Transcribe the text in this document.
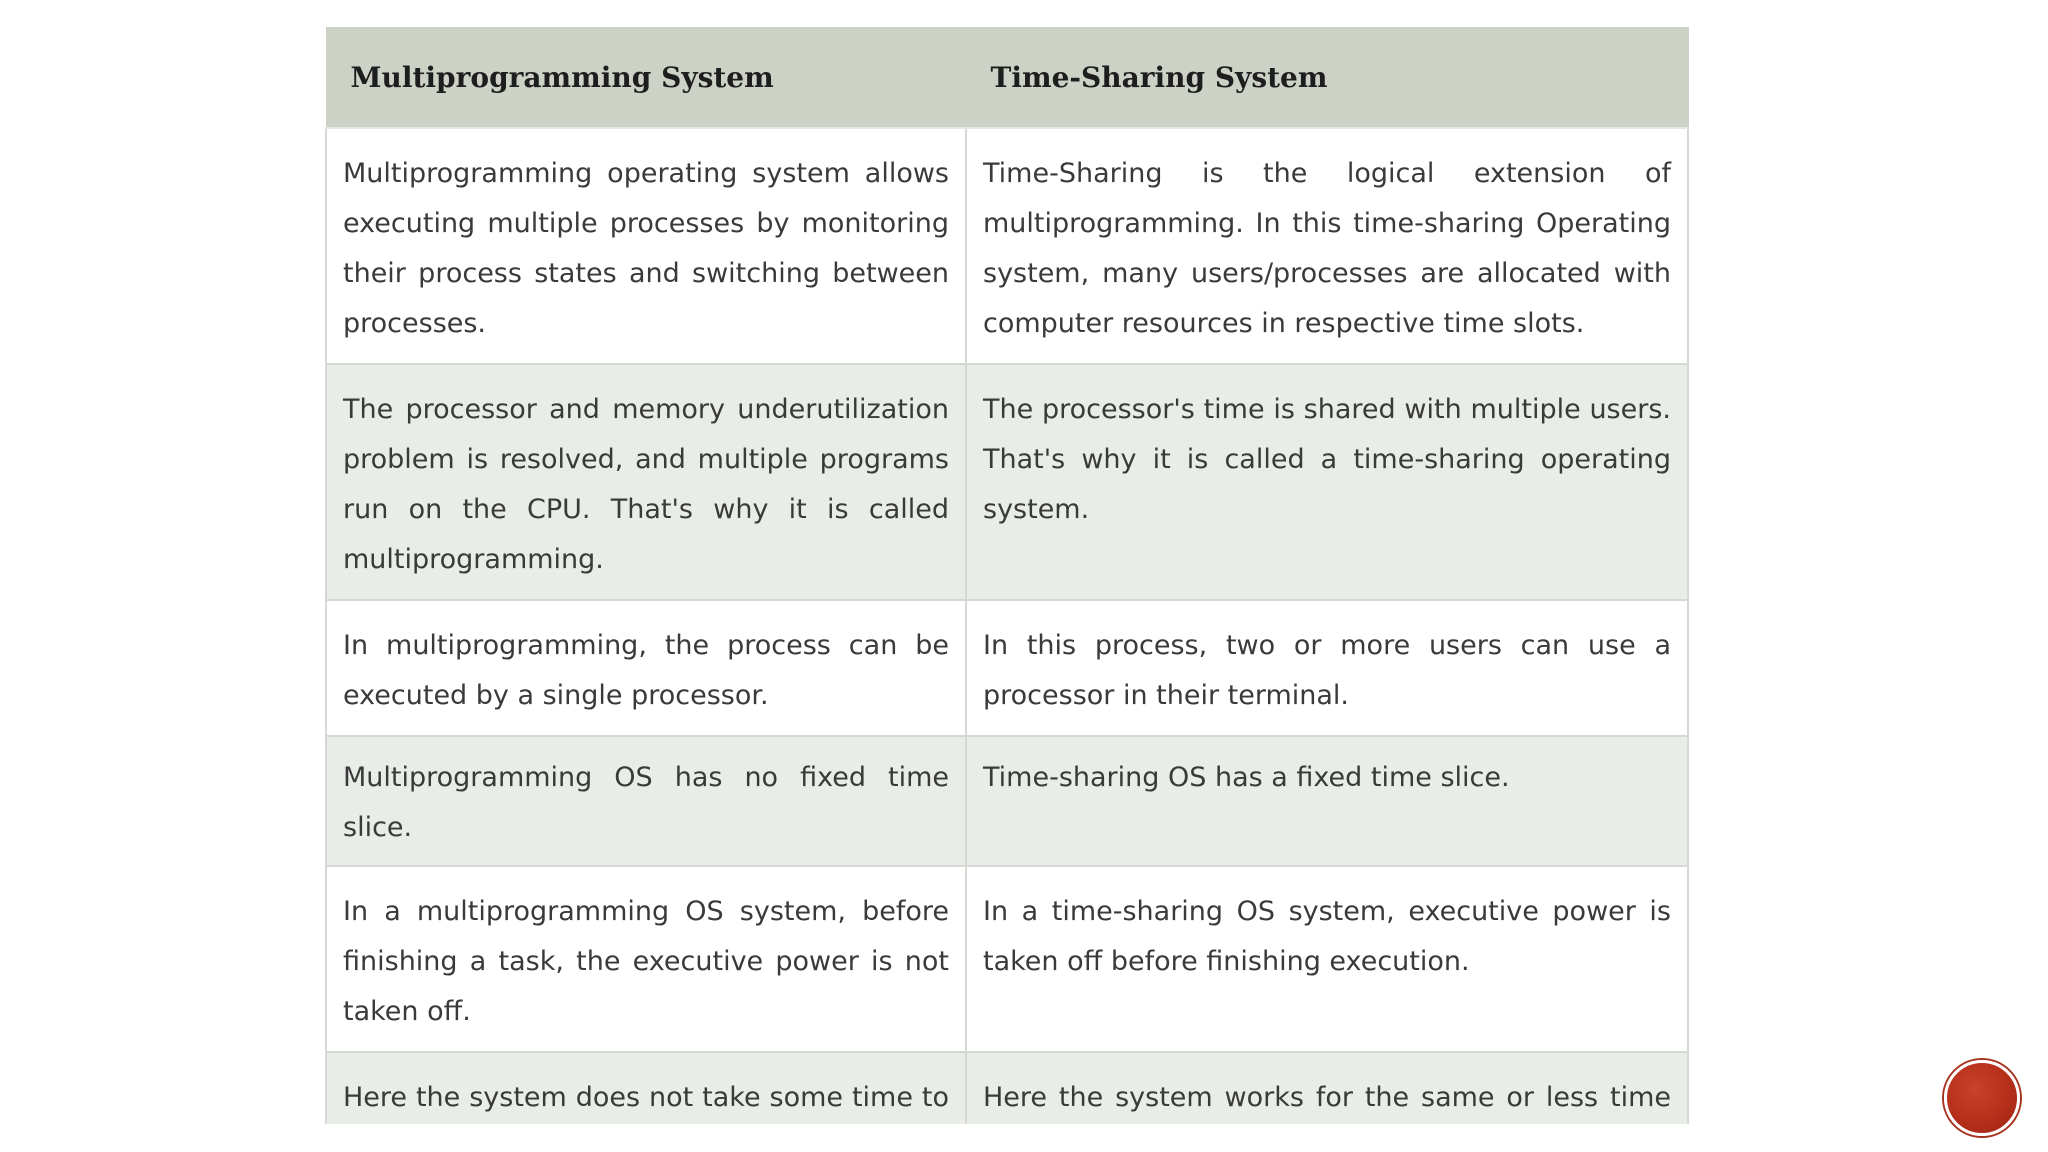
Multiprogramming System	Time-Sharing System
Multiprogramming operating system allows executing multiple processes by monitoring their process states and switching between processes.	Time-Sharing is the logical extension of multiprogramming. In this time-sharing Operating system, many users/processes are allocated with computer resources in respective time slots.
The processor and memory underutilization problem is resolved, and multiple programs run on the CPU. That's why it is called multiprogramming.	The processor's time is shared with multiple users. That's why it is called a time-sharing operating system.
In multiprogramming, the process can be executed by a single processor.	In this process, two or more users can use a processor in their terminal.
Multiprogramming OS has no fixed time slice.	Time-sharing OS has a fixed time slice.
In a multiprogramming OS system, before finishing a task, the executive power is not taken off.	In a time-sharing OS system, executive power is taken off before finishing execution.
Here the system does not take some time to	Here the system works for the same or less time
